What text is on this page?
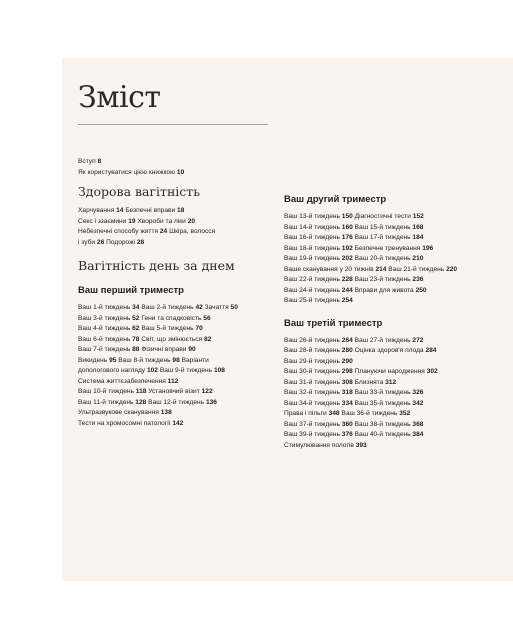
Зміст
Вступ 8
Як користуватися цією книжкою 10
Здорова вагітність
Харчування 14 Безпечні вправи 18
Секс і ззаємини 19 Хвороби та ліки 20
Небезпечні способу життя 24 Шкіра, волосся
і зуби 26 Подорожі 28
Вагітність день за днем
Ваш перший триместр
Ваш 1-й тиждень 34 Ваш 2-й тиждень 42 Зачаття 50
Ваш 3-й тиждень 52 Гени та спадковість 56
Ваш 4-й тиждень 62 Ваш 5-й тиждень 70
Ваш 6-й тиждень 78 Світ, що змінюється 82
Ваш 7-й тиждень 88 Фізичні вправи 90
Викидень 95 Ваш 8-й тиждень 98 Варіанти
допологового нагляду 102 Ваш 9-й тиждень 108
Система життєзабезпечення 112
Ваш 10-й тиждень 118 Установчий візит 122
Ваш 11-й тиждень 128 Ваш 12-й тиждень 136
Ультразвукове сканування 138
Тести на хромосомні патології 142
Ваш другий триместр
Ваш 13-й тиждень 150 Діагностичні тести 152
Ваш 14-й тиждень 160 Ваш 15-й тиждень 168
Ваш 16-й тиждень 176 Ваш 17-й тиждень 184
Ваш 18-й тиждень 192 Безпечне тренування 196
Ваш 19-й тиждень 202 Ваш 20-й тиждень 210
Ваше сканування у 20 тижнів 214 Ваш 21-й тиждень 220
Ваш 22-й тиждень 228 Ваш 23-й тиждень 236
Ваш 24-й тиждень 244 Вправи для живота 250
Ваш 25-й тиждень 254
Ваш третій триместр
Ваш 26-й тиждень 264 Ваш 27-й тиждень 272
Ваш 28-й тиждень 280 Оцінка здоров'я плода 284
Ваш 29-й тиждень 290
Ваш 30-й тиждень 298 Плануючи народження 302
Ваш 31-й тиждень 308 Близнята 312
Ваш 32-й тиждень 318 Ваш 33-й тиждень 326
Ваш 34-й тиждень 334 Ваш 35-й тиждень 342
Права і пільги 348 Ваш 36-й тиждень 352
Ваш 37-й тиждень 360 Ваш 38-й тиждень 368
Ваш 39-й тиждень 376 Ваш 40-й тиждень 384
Стимулювання пологів 393
